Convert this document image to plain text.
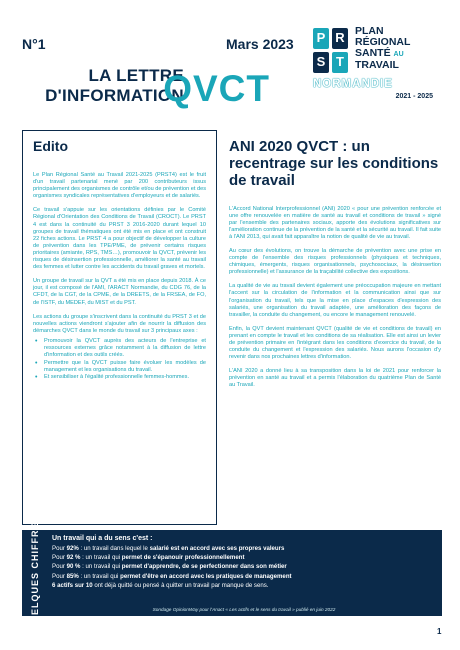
N°1	Mars 2023
LA LETTRE
D'INFORMATION
QVCT
P R
S T
PLAN
RÉGIONAL
SANTÉ AU
TRAVAIL
NORMANDIE
2021 - 2025
Edito

Le Plan Régional Santé au Travail 2021-2025 (PRST4) est le fruit d'un travail partenarial mené par 200 contributeurs issus principalement des organismes de contrôle et/ou de prévention et des organismes syndicales représentatives d'employeurs et de salariés.

Ce travail s'appuie sur les orientations définies par le Comité Régional d'Orientation des Conditions de Travail (CROCT). Le PRST 4 est dans la continuité du PRST 3 2016-2020 durant lequel 10 groupes de travail thématiques ont été mis en place et ont construit 22 fiches actions. Le PRST 4 a pour objectif de développer la culture de prévention dans les TPE/PME, de prévenir certains risques prioritaires (amiante, RPS, TMS…), promouvoir la QVCT, prévenir les risques de désinsertion professionnelle, améliorer la santé au travail des femmes et lutter contre les accidents du travail graves et mortels.

Un groupe de travail sur la QVT a été mis en place depuis 2018. À ce jour, il est composé de l'AMI, l'ARACT Normandie, du CDG 76, de la CFDT, de la CGT, de la CPME, de la DREETS, de la FRSEA, de FO, de l'ISTF, du MEDEF, du MIST et du PST.

Les actions du groupe s'inscrivent dans la continuité du PRST 3 et de nouvelles actions viendront s'ajouter afin de nourrir la diffusion des démarches QVCT dans le monde du travail sur 3 principaux axes :

• Promouvoir la QVCT auprès des acteurs de l'entreprise et ressources externes grâce notamment à la diffusion de lettre d'information et des outils créés.
• Permettre que la QVCT puisse faire évoluer les modèles de management et les organisations du travail.
• Et sensibiliser à l'égalité professionnelle femmes-hommes.
ANI 2020 QVCT : un recentrage sur les conditions de travail

L'Accord National Interprofessionnel (ANI) 2020 « pour une prévention renforcée et une offre renouvelée en matière de santé au travail et conditions de travail » signé par l'ensemble des partenaires sociaux, apporte des évolutions significatives sur l'amélioration continue de la prévention de la santé et la sécurité au travail. Il fait suite à l'ANI 2013, qui avait fait apparaître la notion de qualité de vie au travail.

Au cœur des évolutions, on trouve la démarche de prévention avec une prise en compte de l'ensemble des risques professionnels (physiques et techniques, chimiques, émergents, risques organisationnels, psychosociaux, la désinsertion professionnelle) et l'assurance de la traçabilité collective des expositions.

La qualité de vie au travail devient également une préoccupation majeure en mettant l'accent sur la circulation de l'information et la communication ainsi que sur l'organisation du travail, tels que la mise en place d'espaces d'expression des salariés, une organisation du travail adaptée, une amélioration des façons de travailler, la conduite du changement, ou encore le management renouvelé.

Enfin, la QVT devient maintenant QVCT (qualité de vie et conditions de travail) en prenant en compte le travail et les conditions de sa réalisation. Elle est ainsi un levier de prévention primaire en l'intégrant dans les conditions d'exercice du travail, de la conduite du changement et l'expression des salariés. Nous aurons l'occasion d'y revenir dans nos prochaines lettres d'information.

L'ANI 2020 a donné lieu à sa transposition dans la loi de 2021 pour renforcer la prévention en santé au travail et a permis l'élaboration du quatrième Plan de Santé au Travail.

QUELQUES CHIFFRES Un travail qui a du sens c'est :
Pour 92% : un travail dans lequel le salarié est en accord avec ses propres valeurs
Pour 92 % : un travail qui permet de s'épanouir professionnellement
Pour 90 % : un travail qui permet d'apprendre, de se perfectionner dans son métier
Pour 85% : un travail qui permet d'être en accord avec les pratiques de management
6 actifs sur 10 ont déjà quitté ou pensé à quitter un travail par manque de sens.
Sondage OpinionWay pour l'Anact « Les actifs et le sens du travail » publié en juin 2022
1
